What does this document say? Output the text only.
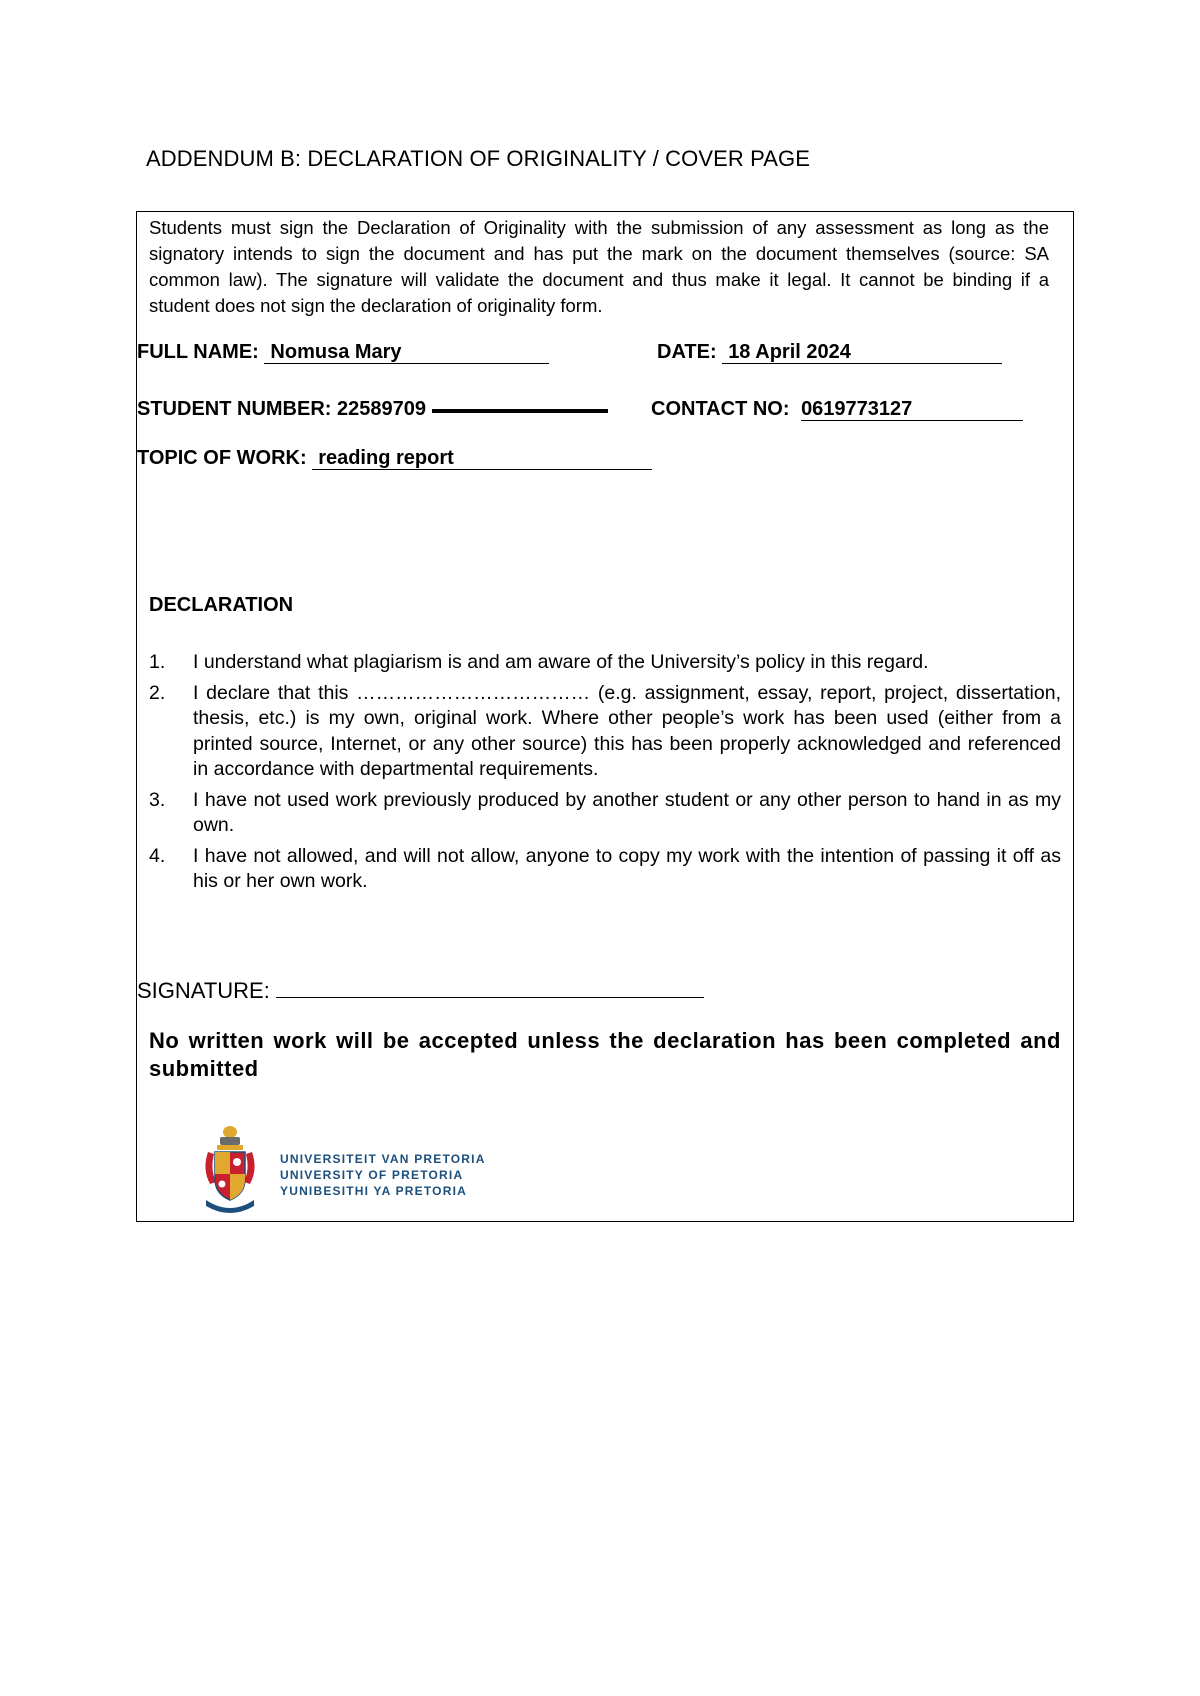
ADDENDUM B: DECLARATION OF ORIGINALITY / COVER PAGE
Students must sign the Declaration of Originality with the submission of any assessment as long as the signatory intends to sign the document and has put the mark on the document themselves (source: SA common law). The signature will validate the document and thus make it legal. It cannot be binding if a student does not sign the declaration of originality form.
FULL NAME: Nomusa Mary	DATE: 18 April 2024
STUDENT NUMBER: 22589709	CONTACT NO: 0619773127
TOPIC OF WORK: reading report
DECLARATION
1. I understand what plagiarism is and am aware of the University’s policy in this regard.
2. I declare that this ……………………………… (e.g. assignment, essay, report, project, dissertation, thesis, etc.) is my own, original work. Where other people’s work has been used (either from a printed source, Internet, or any other source) this has been properly acknowledged and referenced in accordance with departmental requirements.
3. I have not used work previously produced by another student or any other person to hand in as my own.
4. I have not allowed, and will not allow, anyone to copy my work with the intention of passing it off as his or her own work.
SIGNATURE:
No written work will be accepted unless the declaration has been completed and submitted
UNIVERSITEIT VAN PRETORIA
UNIVERSITY OF PRETORIA
YUNIBESITHI YA PRETORIA
